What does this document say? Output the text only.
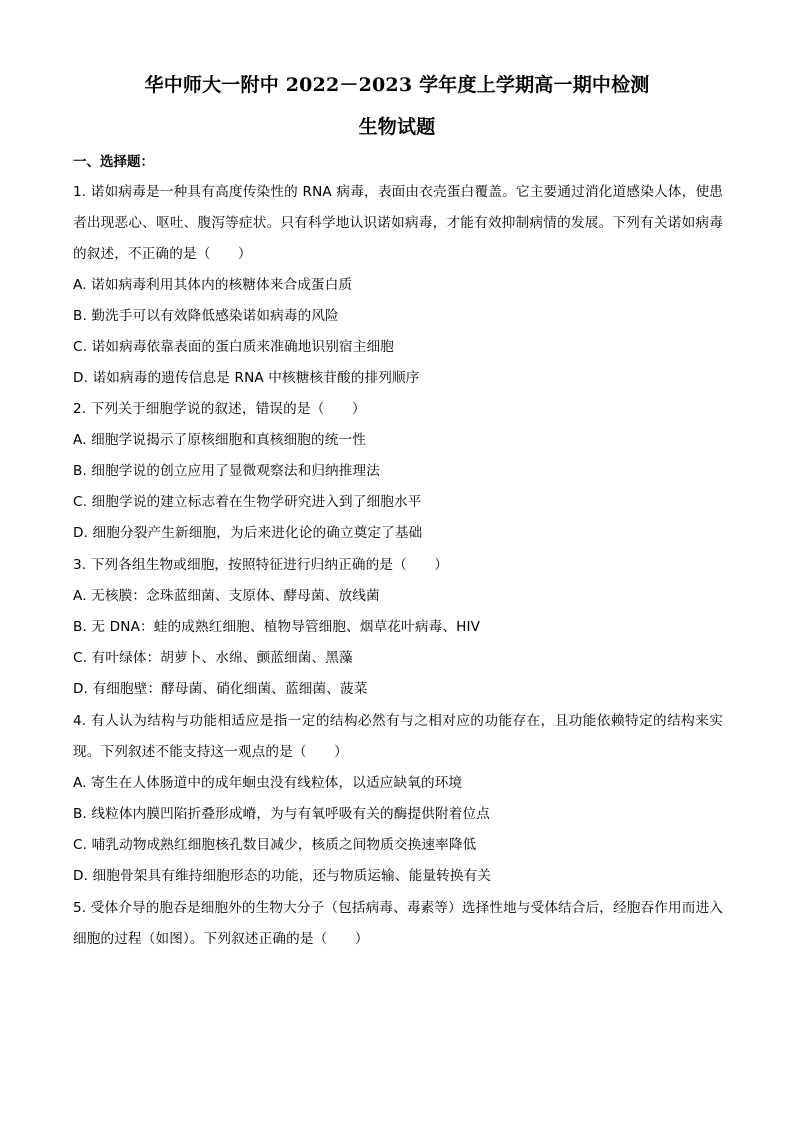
华中师大一附中 2022－2023 学年度上学期高一期中检测
生物试题
一、选择题：
1. 诺如病毒是一种具有高度传染性的 RNA 病毒，表面由衣壳蛋白覆盖。它主要通过消化道感染人体，使患者出现恶心、呕吐、腹泻等症状。只有科学地认识诺如病毒，才能有效抑制病情的发展。下列有关诺如病毒的叙述，不正确的是（　　）
A. 诺如病毒利用其体内的核糖体来合成蛋白质
B. 勤洗手可以有效降低感染诺如病毒的风险
C. 诺如病毒依靠表面的蛋白质来准确地识别宿主细胞
D. 诺如病毒的遗传信息是 RNA 中核糖核苷酸的排列顺序
2. 下列关于细胞学说的叙述，错误的是（　　）
A. 细胞学说揭示了原核细胞和真核细胞的统一性
B. 细胞学说的创立应用了显微观察法和归纳推理法
C. 细胞学说的建立标志着在生物学研究进入到了细胞水平
D. 细胞分裂产生新细胞，为后来进化论的确立奠定了基础
3. 下列各组生物或细胞，按照特征进行归纳正确的是（　　）
A. 无核膜：念珠蓝细菌、支原体、酵母菌、放线菌
B. 无 DNA：蛙的成熟红细胞、植物导管细胞、烟草花叶病毒、HIV
C. 有叶绿体：胡萝卜、水绵、颤蓝细菌、黑藻
D. 有细胞壁：酵母菌、硝化细菌、蓝细菌、菠菜
4. 有人认为结构与功能相适应是指一定的结构必然有与之相对应的功能存在，且功能依赖特定的结构来实现。下列叙述不能支持这一观点的是（　　）
A. 寄生在人体肠道中的成年蛔虫没有线粒体，以适应缺氧的环境
B. 线粒体内膜凹陷折叠形成嵴，为与有氧呼吸有关的酶提供附着位点
C. 哺乳动物成熟红细胞核孔数目减少，核质之间物质交换速率降低
D. 细胞骨架具有维持细胞形态的功能，还与物质运输、能量转换有关
5. 受体介导的胞吞是细胞外的生物大分子（包括病毒、毒素等）选择性地与受体结合后，经胞吞作用而进入细胞的过程（如图）。下列叙述正确的是（　　）
